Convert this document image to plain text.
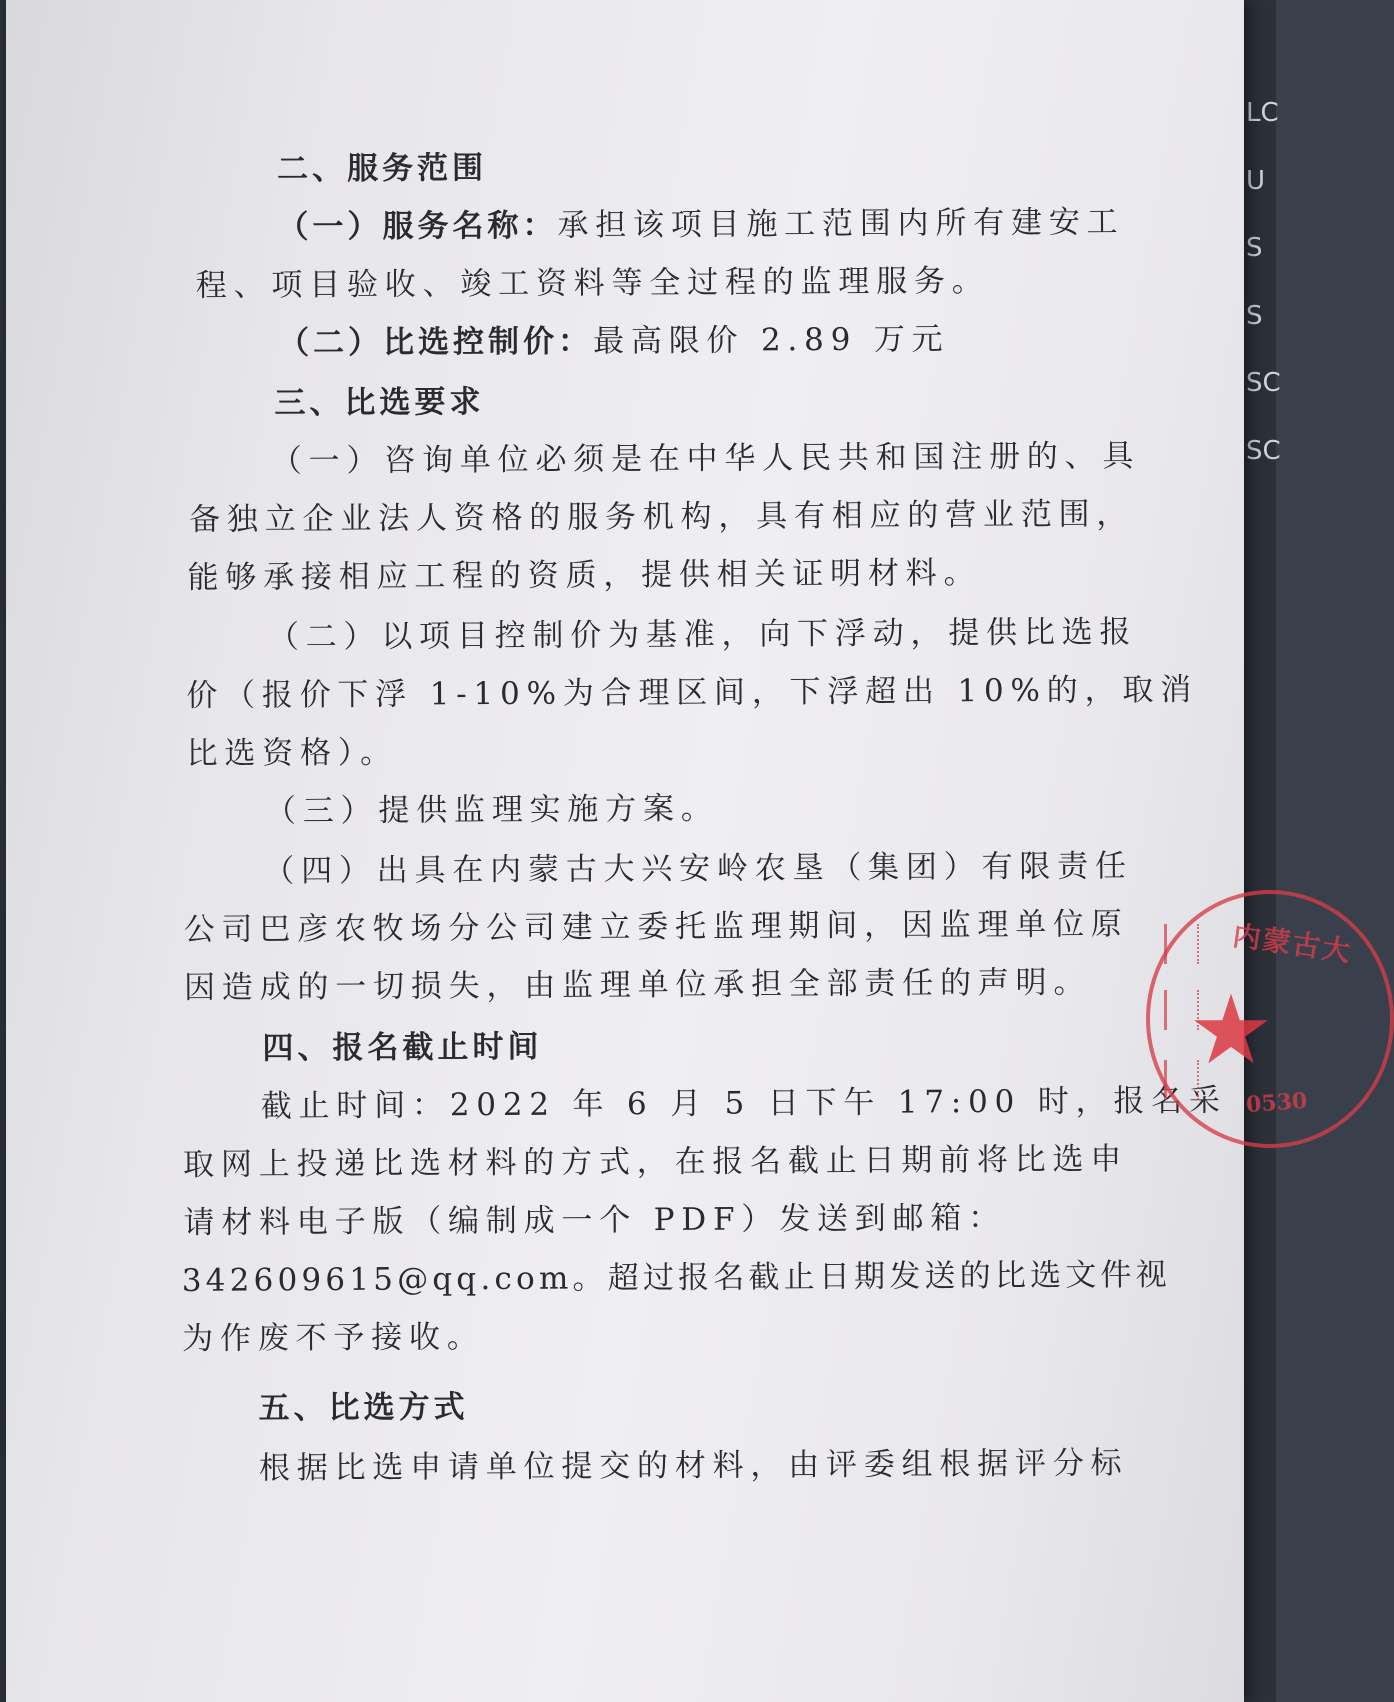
LC
U
S
S
SC
SC
二、服务范围
（一）服务名称：承担该项目施工范围内所有建安工
程、项目验收、竣工资料等全过程的监理服务。
（二）比选控制价：最高限价 2.89 万元
三、比选要求
（一）咨询单位必须是在中华人民共和国注册的、具
备独立企业法人资格的服务机构，具有相应的营业范围，
能够承接相应工程的资质，提供相关证明材料。
（二）以项目控制价为基准，向下浮动，提供比选报
价（报价下浮 1-10%为合理区间，下浮超出 10%的，取消
比选资格）。
（三）提供监理实施方案。
（四）出具在内蒙古大兴安岭农垦（集团）有限责任
公司巴彦农牧场分公司建立委托监理期间，因监理单位原
因造成的一切损失，由监理单位承担全部责任的声明。
四、报名截止时间
截止时间：2022 年 6 月 5 日下午 17:00 时，报名采
取网上投递比选材料的方式，在报名截止日期前将比选申
请材料电子版（编制成一个 PDF）发送到邮箱：
342609615@qq.com。超过报名截止日期发送的比选文件视
为作废不予接收。
五、比选方式
根据比选申请单位提交的材料，由评委组根据评分标
内蒙古大
★
0530
